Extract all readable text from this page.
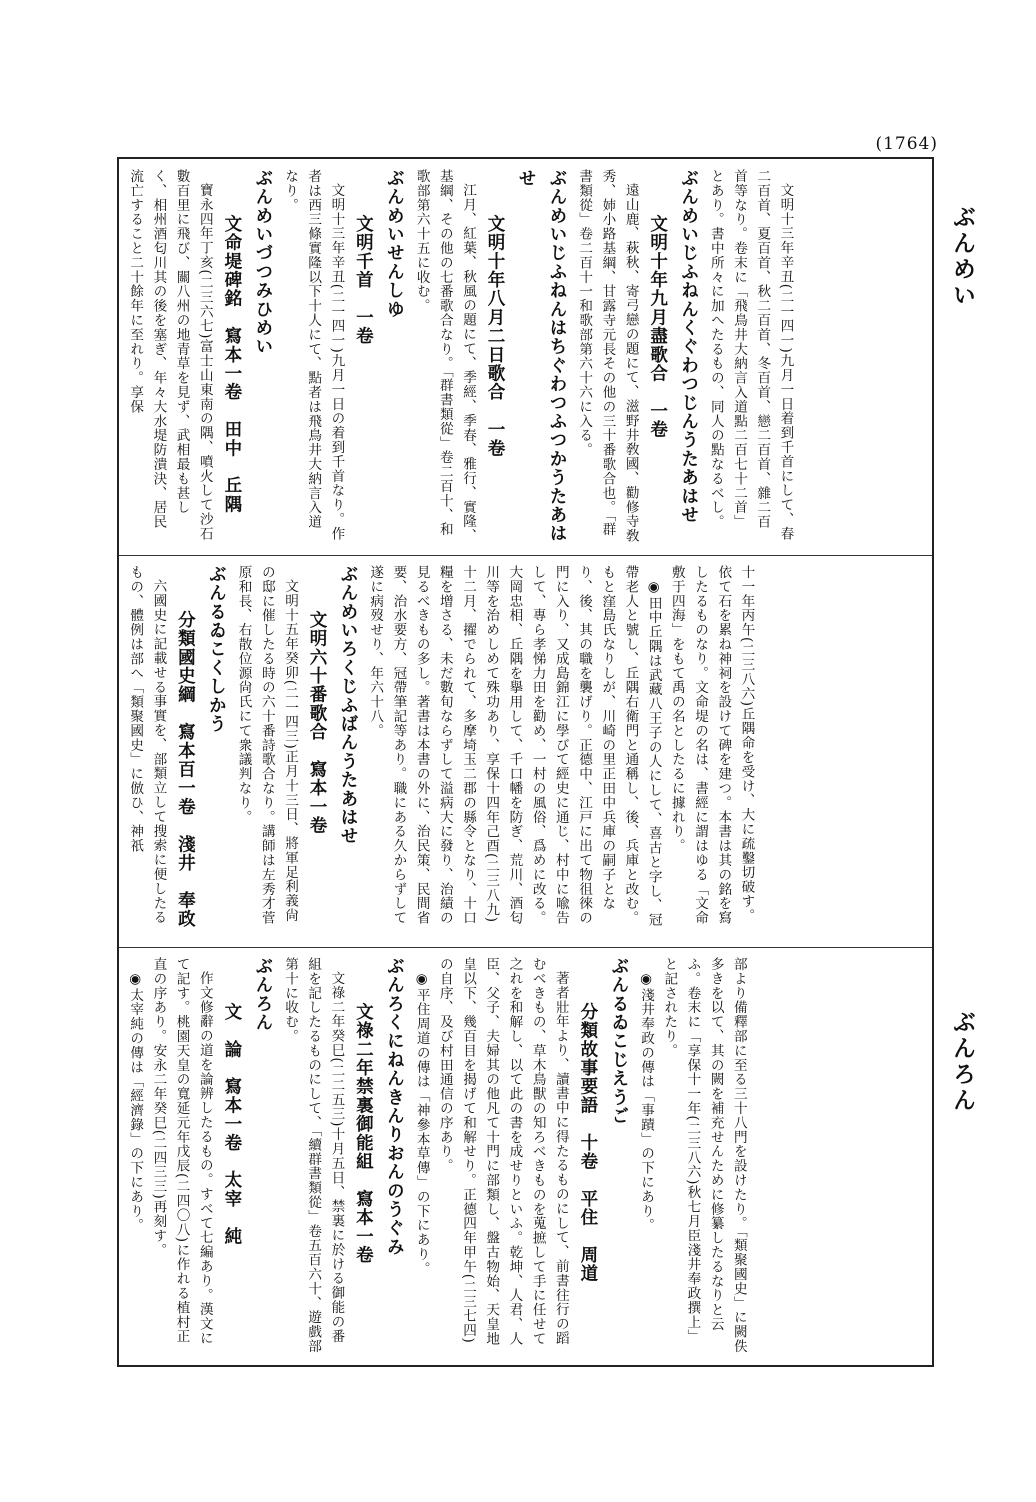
(1764)
ぶんめい
ぶんろん

文明十三年辛丑(二一四一)九月一日着到千首にして、春二百首、夏百首、秋二百首、冬百首、戀二百首、雜二百首等なり。卷末に「飛鳥井大納言入道點二百七十二首」とあり。書中所々に加へたるもの、同人の點なるべし。

ぶんめいじふねんくぐわつじんうたあはせ

文明十年九月盡歌合　一卷

遠山鹿、萩秋、寄弓戀の題にて、滋野井敎國、勸修寺敎秀、姉小路基綱、甘露寺元長その他の三十番歌合也。「群書類從」卷二百十一和歌部第六十六に入る。

ぶんめいじふねんはちぐわつふつかうたあはせ

文明十年八月二日歌合　一卷

江月、紅葉、秋風の題にて、季經、季春、雅行、實隆、基綱、その他の七番歌合なり。「群書類從」卷二百十、和歌部第六十五に收む。

ぶんめいせんしゆ

文明千首　一卷

文明十三年辛丑(二一四一)九月一日の着到千首なり。作者は西三條實隆以下十人にて、點者は飛鳥井大納言入道なり。

ぶんめいづつみひめい

文命堤碑銘　寫本一卷　田中　丘隅

寶永四年丁亥(二三六七)富士山東南の隅、噴火して沙石數百里に飛び、關八州の地青草を見ず、武相最も甚しく、相州酒匂川其の後を塞ぎ、年々大水堤防潰決、居民流亡すること二十餘年に至れり。享保

十一年丙午(二三八六)丘隅命を受け、大に疏鑿切破す。依て石を累ね神祠を設けて碑を建つ。本書は其の銘を寫したるものなり。文命堤の名は、書經に謂はゆる「文命敷于四海」をもて禹の名としたるに據れり。

◉田中丘隅は武藏八王子の人にして、喜古と字し、冠帶老人と號し、丘隅右衛門と通稱し、後、兵庫と改む。もと窪島氏なりしが、川崎の里正田中兵庫の嗣子となり、後、其の職を襲げり。正德中、江戸に出て物徂徠の門に入り、又成島錦江に學びて經史に通じ、村中に喩告して、專ら孝悌力田を勸め、一村の風俗、爲めに改る。大岡忠相、丘隅を擧用して、千口幡を防ぎ、荒川、酒匂川等を治めしめて殊功あり、享保十四年己酉(二三八九)十二月、擢でられて、多摩埼玉二郡の縣令となり、十口糧を增さる、未だ數旬ならずして溢病大に發り、治績の見るべきもの多し。著書は本書の外に、治民策、民間省要、治水要方、冠帶筆記等あり。職にある久からずして遂に病歿せり、年六十八。

ぶんめいろくじふばんうたあはせ

文明六十番歌合　寫本一卷

文明十五年癸卯(二一四三)正月十三日、將軍足利義尙の邸に催したる時の六十番詩歌合なり。講師は左秀才菅原和長、右散位源尙氏にて衆議判なり。

ぶんるゐこくしかう

分類國史綱　寫本百一卷　淺井　奉政

六國史に記載せる事實を、部類立して搜索に便したるもの、體例は部へ「類聚國史」に倣ひ、神祇

部より備釋部に至る三十八門を設けたり。「類聚國史」に闕佚多きを以て、其の闕を補充せんために修纂したるなりと云ふ。卷末に「享保十一年(二三八六)秋七月臣淺井奉政撰上」と記されたり。

◉淺井奉政の傳は「事蹟」の下にあり。

ぶんるゐこじえうご

分類故事要語　十卷　平住　周道

著者壯年より、讀書中に得たるものにして、前書往行の蹈むべきもの、草木鳥獸の知ろべきものを蒐摭して手に任せて之れを和解し、以て此の書を成せりといふ。乾坤、人君、人臣、父子、夫婦其の他凡て十門に部類し、盤古物始、天皇地皇以下、幾百目を揭げて和解せり。正德四年甲午(二三七四)の自序、及び村田通信の序あり。

◉平住周道の傳は「神參本草傳」の下にあり。

ぶんろくにねんきんりおんのうぐみ

文祿二年禁裏御能組　寫本一卷

文祿二年癸巳(二二五三)十月五日、禁裏に於ける御能の番組を記したるものにして、「續群書類從」卷五百六十、遊戲部第十に收む。

ぶんろん

文　論　寫本一卷　太宰　純

作文修辭の道を論辨したるもの。すべて七編あり。漢文にて記す。桃園天皇の寬延元年戊辰(二四〇八)に作れる植村正直の序あり。安永二年癸巳(二四三三)再刻す。

◉太宰純の傳は「經濟錄」の下にあり。
